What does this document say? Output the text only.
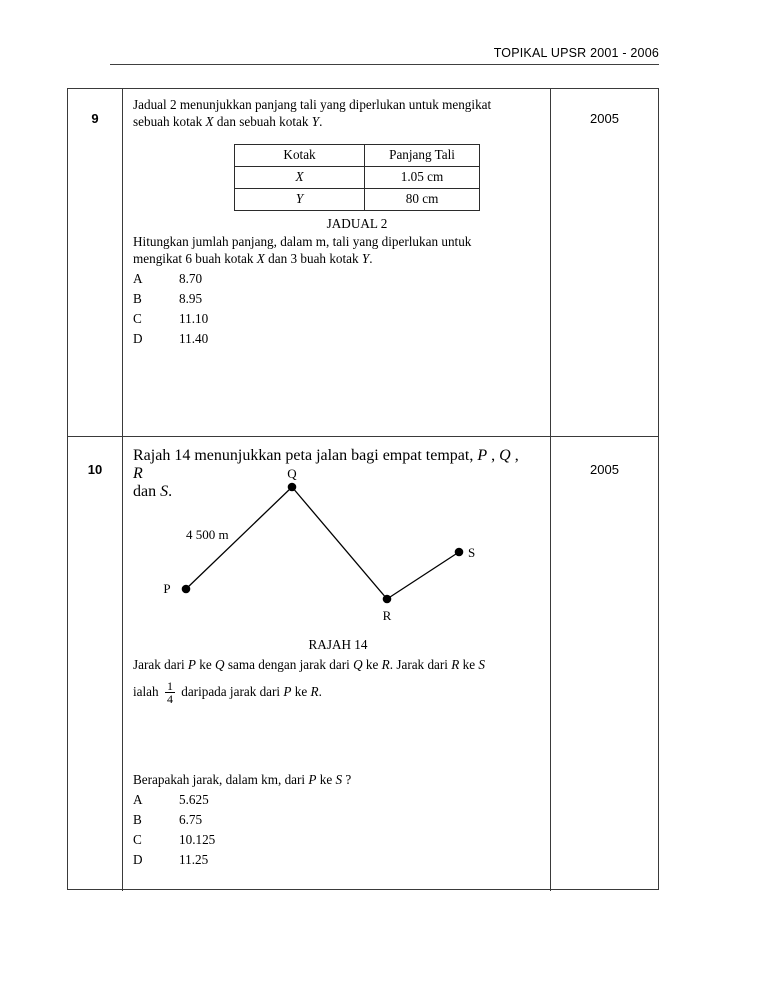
TOPIKAL UPSR 2001 - 2006
9
Jadual 2 menunjukkan panjang tali yang diperlukan untuk mengikat
sebuah kotak X dan sebuah kotak Y.
Kotak	Panjang Tali
X	1.05 cm
Y	80 cm
JADUAL 2
Hitungkan jumlah panjang, dalam m, tali yang diperlukan untuk
mengikat 6 buah kotak X dan 3 buah kotak Y.
A	8.70
B	8.95
C	11.10
D	11.40
2005
10
Rajah 14 menunjukkan peta jalan bagi empat tempat, P , Q , R
dan S.
P
Q
R
S
4 500 m
RAJAH 14
Jarak dari P ke Q sama dengan jarak dari Q ke R. Jarak dari R ke S
ialah $\frac{1}{4}$ daripada jarak dari P ke R.
Berapakah jarak, dalam km, dari P ke S ?
A	5.625
B	6.75
C	10.125
D	11.25
2005
